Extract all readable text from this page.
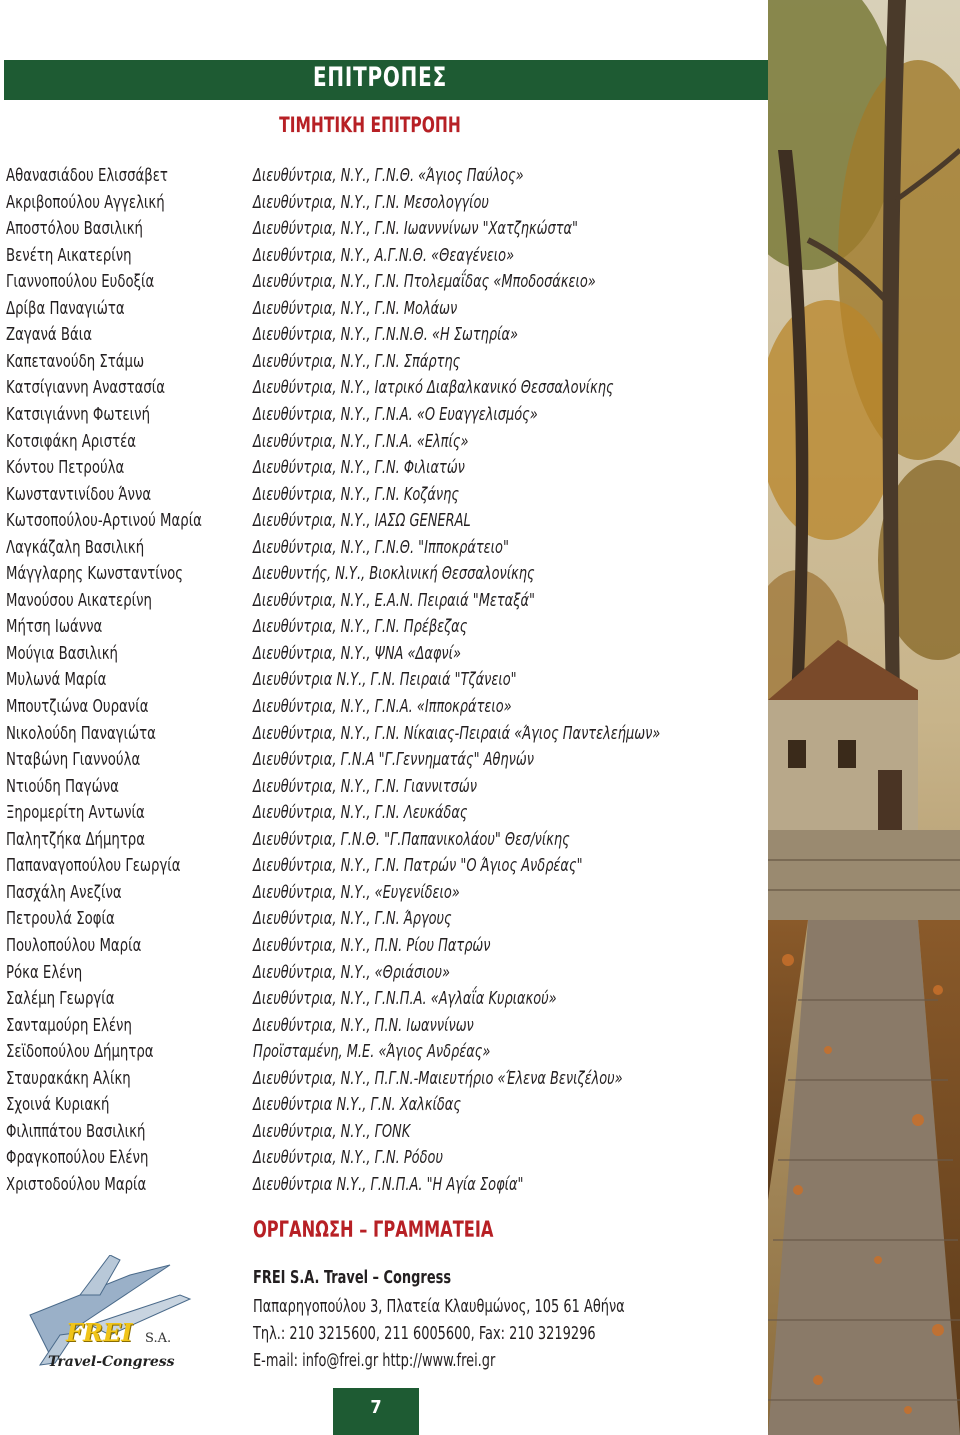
ΕΠΙΤΡΟΠΕΣ
ΤΙΜΗΤΙΚΗ ΕΠΙΤΡΟΠΗ
Αθανασιάδου Ελισσάβετ	Διευθύντρια, Ν.Υ., Γ.Ν.Θ. «Άγιος Παύλος»
Ακριβοπούλου Αγγελική	Διευθύντρια, Ν.Υ., Γ.Ν. Μεσολογγίου
Αποστόλου Βασιλική	Διευθύντρια, Ν.Υ., Γ.Ν. Ιωανννίνων "Χατζηκώστα"
Βενέτη Αικατερίνη	Διευθύντρια, Ν.Υ., Α.Γ.Ν.Θ. «Θεαγένειο»
Γιαννοπούλου Ευδοξία	Διευθύντρια, Ν.Υ., Γ.Ν. Πτολεμαΐδας «Μποδοσάκειο»
Δρίβα Παναγιώτα	Διευθύντρια, Ν.Υ., Γ.Ν. Μολάων
Ζαγανά Βάια	Διευθύντρια, Ν.Υ., Γ.Ν.Ν.Θ. «Η Σωτηρία»
Καπετανούδη Στάμω	Διευθύντρια, Ν.Υ., Γ.Ν. Σπάρτης
Κατσίγιαννη Αναστασία	Διευθύντρια, Ν.Υ., Ιατρικό Διαβαλκανικό Θεσσαλονίκης
Κατσιγιάννη Φωτεινή	Διευθύντρια, Ν.Υ., Γ.Ν.Α. «Ο Ευαγγελισμός»
Κοτσιφάκη Αριστέα	Διευθύντρια, Ν.Υ., Γ.Ν.Α. «Ελπίς»
Κόντου Πετρούλα	Διευθύντρια, Ν.Υ., Γ.Ν. Φιλιατών
Κωνσταντινίδου Άννα	Διευθύντρια, Ν.Υ., Γ.Ν. Κοζάνης
Κωτσοπούλου-Αρτινού Μαρία	Διευθύντρια, Ν.Υ., ΙΑΣΩ GENERAL
Λαγκάζαλη Βασιλική	Διευθύντρια, Ν.Υ., Γ.Ν.Θ. "Ιπποκράτειο"
Μάγγλαρης Κωνσταντίνος	Διευθυντής, Ν.Υ., Βιοκλινική Θεσσαλονίκης
Μανούσου Αικατερίνη	Διευθύντρια, Ν.Υ., Ε.Α.Ν. Πειραιά "Μεταξά"
Μήτση Ιωάννα	Διευθύντρια, Ν.Υ., Γ.Ν. Πρέβεζας
Μούγια Βασιλική	Διευθύντρια, Ν.Υ., ΨΝΑ «Δαφνί»
Μυλωνά Μαρία	Διευθύντρια Ν.Υ., Γ.Ν. Πειραιά "Τζάνειο"
Μπουτζιώνα Ουρανία	Διευθύντρια, Ν.Υ., Γ.Ν.Α. «Ιπποκράτειο»
Νικολούδη Παναγιώτα	Διευθύντρια, Ν.Υ., Γ.Ν. Νίκαιας-Πειραιά «Άγιος Παντελεήμων»
Νταβώνη Γιαννούλα	Διευθύντρια, Γ.Ν.Α "Γ.Γεννηματάς" Αθηνών
Ντιούδη Παγώνα	Διευθύντρια, Ν.Υ., Γ.Ν. Γιαννιτσών
Ξηρομερίτη Αντωνία	Διευθύντρια, Ν.Υ., Γ.Ν. Λευκάδας
Παλητζήκα Δήμητρα	Διευθύντρια, Γ.Ν.Θ. "Γ.Παπανικολάου" Θεσ/νίκης
Παπαναγοπούλου Γεωργία	Διευθύντρια, Ν.Υ., Γ.Ν. Πατρών "Ο Άγιος Ανδρέας"
Πασχάλη Ανεζίνα	Διευθύντρια, Ν.Υ., «Ευγενίδειο»
Πετρουλά Σοφία	Διευθύντρια, Ν.Υ., Γ.Ν. Άργους
Πουλοπούλου Μαρία	Διευθύντρια, Ν.Υ., Π.Ν. Ρίου Πατρών
Ρόκα Ελένη	Διευθύντρια, Ν.Υ., «Θριάσιου»
Σαλέμη Γεωργία	Διευθύντρια, Ν.Υ., Γ.Ν.Π.Α. «Αγλαΐα Κυριακού»
Σανταμούρη Ελένη	Διευθύντρια, Ν.Υ., Π.Ν. Ιωαννίνων
Σεϊδοπούλου Δήμητρα	Προϊσταμένη, Μ.Ε. «Άγιος Ανδρέας»
Σταυρακάκη Αλίκη	Διευθύντρια, Ν.Υ., Π.Γ.Ν.-Μαιευτήριο «Έλενα Βενιζέλου»
Σχοινά Κυριακή	Διευθύντρια Ν.Υ., Γ.Ν. Χαλκίδας
Φιλιππάτου Βασιλική	Διευθύντρια, Ν.Υ., ΓΟΝΚ
Φραγκοπούλου Ελένη	Διευθύντρια, Ν.Υ., Γ.Ν. Ρόδου
Χριστοδούλου Μαρία	Διευθύντρια Ν.Υ., Γ.Ν.Π.Α. "Η Αγία Σοφία"
ΟΡΓΑΝΩΣΗ – ΓΡΑΜΜΑΤΕΙΑ
FREI S.A. Travel – Congress
Παπαρηγοπούλου 3, Πλατεία Κλαυθμώνος, 105 61 Αθήνα
Τηλ.: 210 3215600, 211 6005600, Fax: 210 3219296
E-mail: info@frei.gr http://www.frei.gr
FREI S.A.
Travel-Congress
7
